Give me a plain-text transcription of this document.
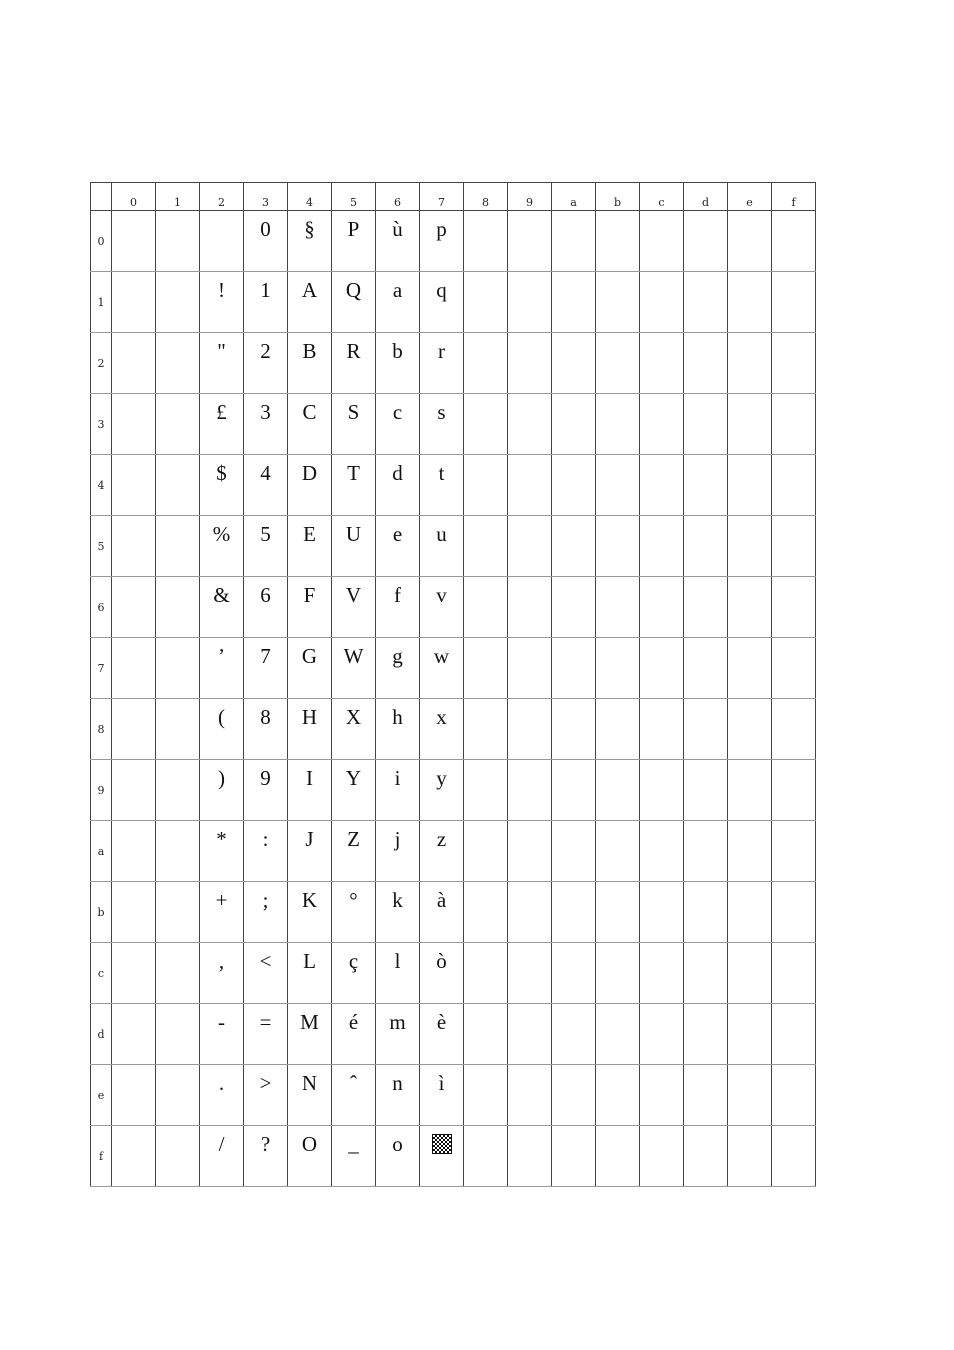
	0	1	2	3	4	5	6	7	8	9	a	b	c	d	e	f
0				0	§	P	ù	p								
1			!	1	A	Q	a	q								
2			"	2	B	R	b	r								
3			£	3	C	S	c	s								
4			$	4	D	T	d	t								
5			%	5	E	U	e	u								
6			&	6	F	V	f	v								
7			’	7	G	W	g	w								
8			(	8	H	X	h	x								
9			)	9	I	Y	i	y								
a			*	:	J	Z	j	z								
b			+	;	K	°	k	à								
c			,	<	L	ç	l	ò								
d			-	=	M	é	m	è								
e			.	>	N	ˆ	n	ì								
f			/	?	O	_	o									
